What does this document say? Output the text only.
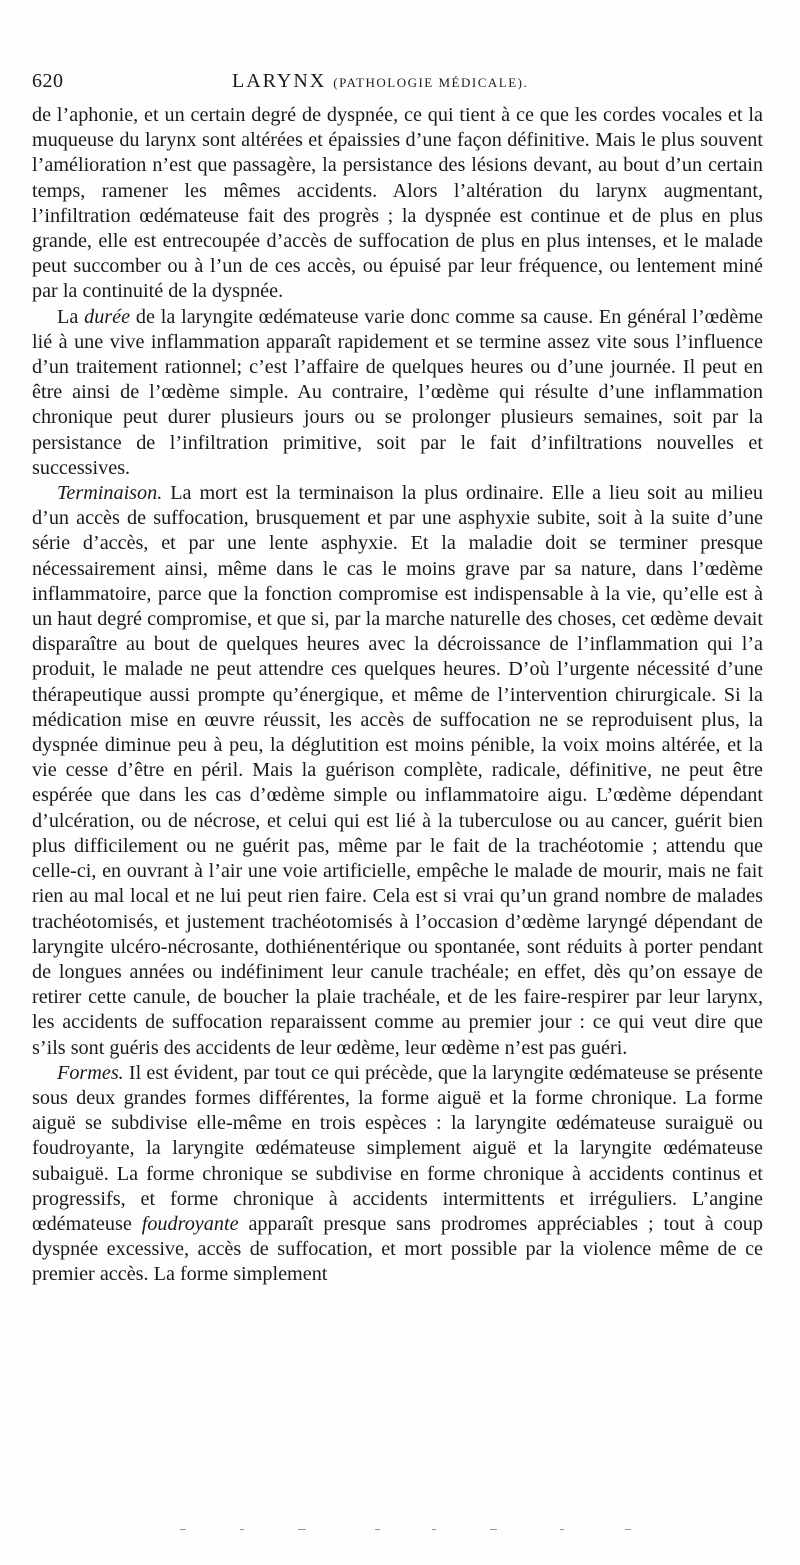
620	LARYNX (PATHOLOGIE MÉDICALE).

de l’aphonie, et un certain degré de dyspnée, ce qui tient à ce que les cordes vocales et la muqueuse du larynx sont altérées et épaissies d’une façon définitive. Mais le plus souvent l’amélioration n’est que passagère, la persistance des lésions devant, au bout d’un certain temps, ramener les mêmes accidents. Alors l’altération du larynx augmentant, l’infiltration œdémateuse fait des progrès ; la dyspnée est continue et de plus en plus grande, elle est entrecoupée d’accès de suffocation de plus en plus intenses, et le malade peut succomber ou à l’un de ces accès, ou épuisé par leur fréquence, ou lentement miné par la continuité de la dyspnée.

La durée de la laryngite œdémateuse varie donc comme sa cause. En général l’œdème lié à une vive inflammation apparaît rapidement et se termine assez vite sous l’influence d’un traitement rationnel; c’est l’affaire de quelques heures ou d’une journée. Il peut en être ainsi de l’œdème simple. Au contraire, l’œdème qui résulte d’une inflammation chronique peut durer plusieurs jours ou se prolonger plusieurs semaines, soit par la persistance de l’infiltration primitive, soit par le fait d’infiltrations nouvelles et successives.

Terminaison. La mort est la terminaison la plus ordinaire. Elle a lieu soit au milieu d’un accès de suffocation, brusquement et par une asphyxie subite, soit à la suite d’une série d’accès, et par une lente asphyxie. Et la maladie doit se terminer presque nécessairement ainsi, même dans le cas le moins grave par sa nature, dans l’œdème inflammatoire, parce que la fonction compromise est indispensable à la vie, qu’elle est à un haut degré compromise, et que si, par la marche naturelle des choses, cet œdème devait disparaître au bout de quelques heures avec la décroissance de l’inflammation qui l’a produit, le malade ne peut attendre ces quelques heures. D’où l’urgente nécessité d’une thérapeutique aussi prompte qu’énergique, et même de l’intervention chirurgicale. Si la médication mise en œuvre réussit, les accès de suffocation ne se reproduisent plus, la dyspnée diminue peu à peu, la déglutition est moins pénible, la voix moins altérée, et la vie cesse d’être en péril. Mais la guérison complète, radicale, définitive, ne peut être espérée que dans les cas d’œdème simple ou inflammatoire aigu. L’œdème dépendant d’ulcération, ou de nécrose, et celui qui est lié à la tuberculose ou au cancer, guérit bien plus difficilement ou ne guérit pas, même par le fait de la trachéotomie ; attendu que celle-ci, en ouvrant à l’air une voie artificielle, empêche le malade de mourir, mais ne fait rien au mal local et ne lui peut rien faire. Cela est si vrai qu’un grand nombre de malades trachéotomisés, et justement trachéotomisés à l’occasion d’œdème laryngé dépendant de laryngite ulcéro-nécrosante, dothiénentérique ou spontanée, sont réduits à porter pendant de longues années ou indéfiniment leur canule trachéale; en effet, dès qu’on essaye de retirer cette canule, de boucher la plaie trachéale, et de les faire-respirer par leur larynx, les accidents de suffocation reparaissent comme au premier jour : ce qui veut dire que s’ils sont guéris des accidents de leur œdème, leur œdème n’est pas guéri.

Formes. Il est évident, par tout ce qui précède, que la laryngite œdémateuse se présente sous deux grandes formes différentes, la forme aiguë et la forme chronique. La forme aiguë se subdivise elle-même en trois espèces : la laryngite œdémateuse suraiguë ou foudroyante, la laryngite œdémateuse simplement aiguë et la laryngite œdémateuse subaiguë. La forme chronique se subdivise en forme chronique à accidents continus et progressifs, et forme chronique à accidents intermittents et irréguliers. L’angine œdémateuse foudroyante apparaît presque sans prodromes appréciables ; tout à coup dyspnée excessive, accès de suffocation, et mort possible par la violence même de ce premier accès. La forme simplement
